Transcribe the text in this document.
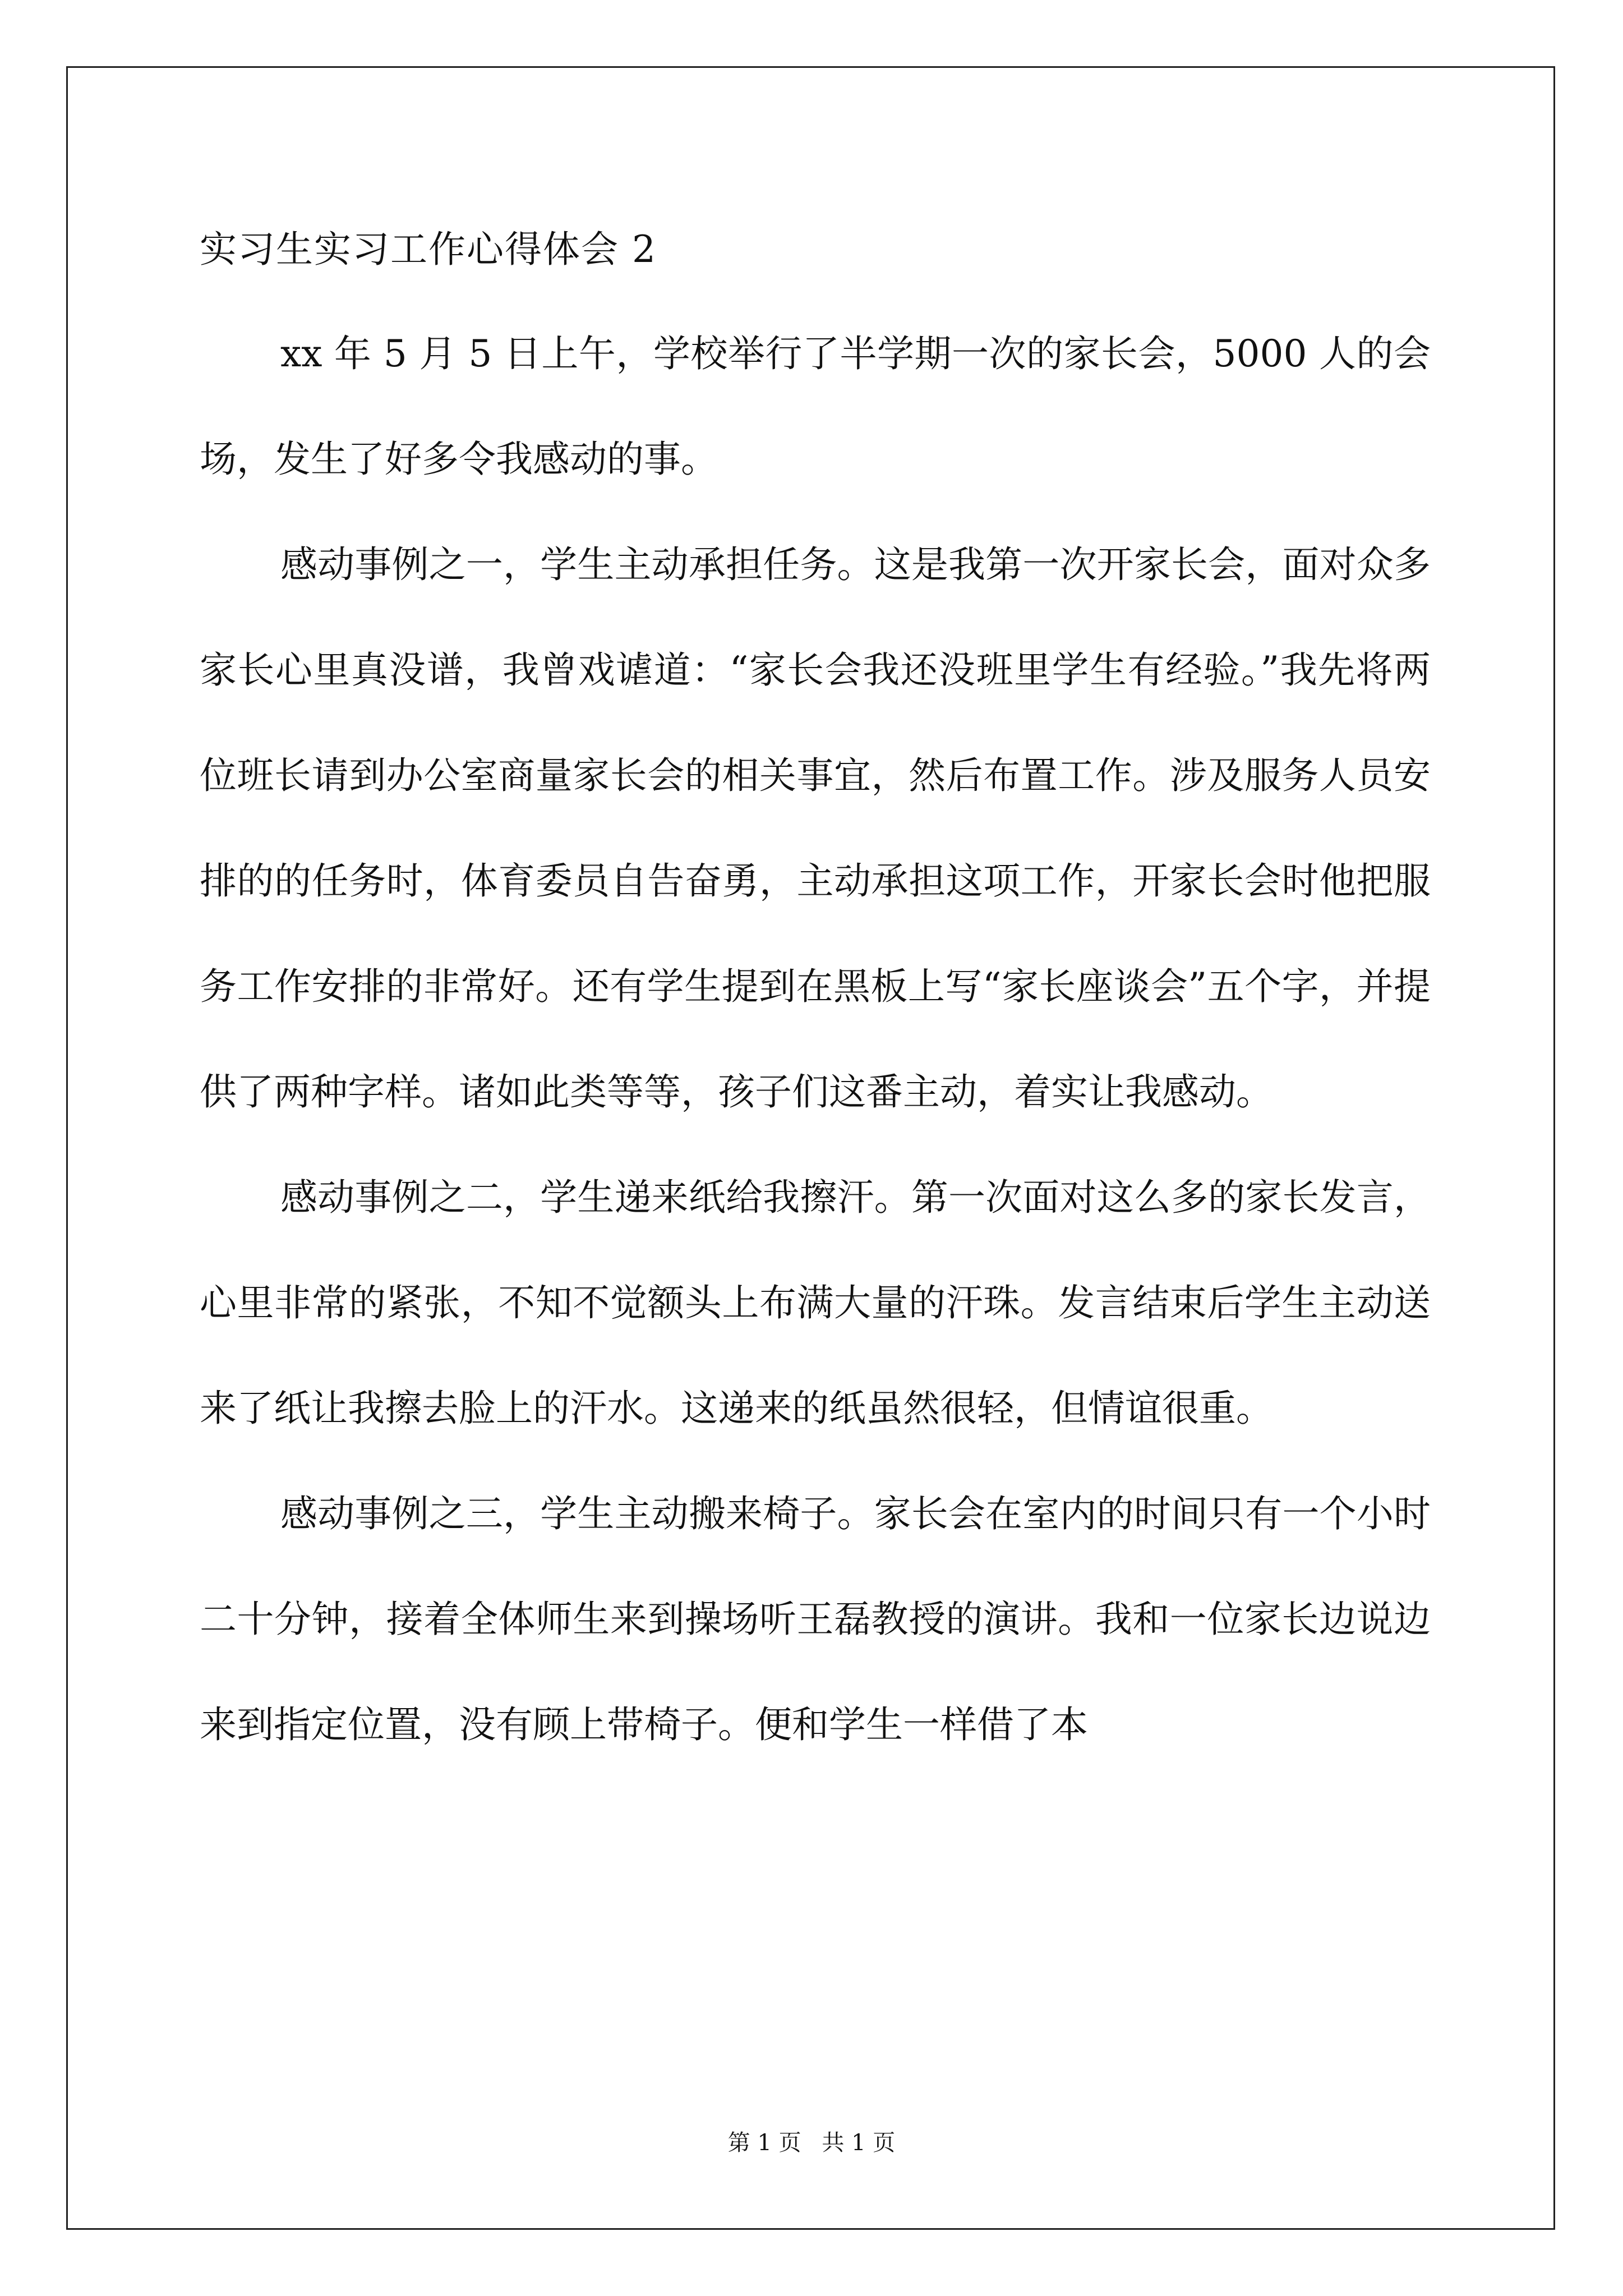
实习生实习工作心得体会 2

xx 年 5 月 5 日上午，学校举行了半学期一次的家长会，5000 人的会场，发生了好多令我感动的事。

感动事例之一，学生主动承担任务。这是我第一次开家长会，面对众多家长心里真没谱，我曾戏谑道：“家长会我还没班里学生有经验。”我先将两位班长请到办公室商量家长会的相关事宜，然后布置工作。涉及服务人员安排的的任务时，体育委员自告奋勇，主动承担这项工作，开家长会时他把服务工作安排的非常好。还有学生提到在黑板上写“家长座谈会”五个字，并提供了两种字样。诸如此类等等，孩子们这番主动，着实让我感动。

感动事例之二，学生递来纸给我擦汗。第一次面对这么多的家长发言，心里非常的紧张，不知不觉额头上布满大量的汗珠。发言结束后学生主动送来了纸让我擦去脸上的汗水。这递来的纸虽然很轻，但情谊很重。

感动事例之三，学生主动搬来椅子。家长会在室内的时间只有一个小时二十分钟，接着全体师生来到操场听王磊教授的演讲。我和一位家长边说边来到指定位置，没有顾上带椅子。便和学生一样借了本

第 1 页 共 1 页
